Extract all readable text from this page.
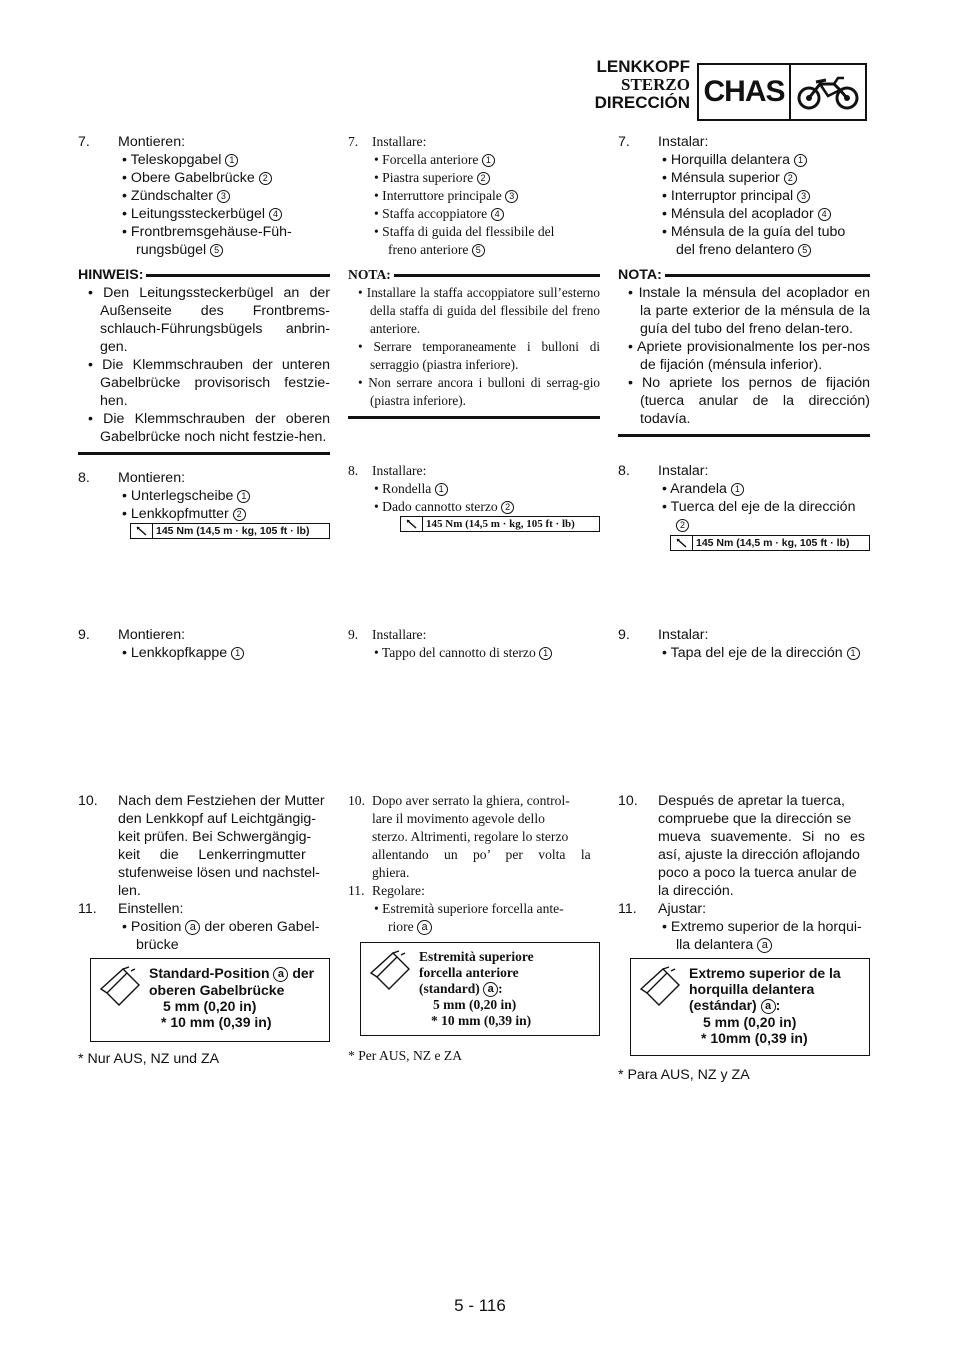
LENKKOPF
STERZO
DIRECCIÓN CHAS
7. Montieren:
• Teleskopgabel 1
• Obere Gabelbrücke 2
• Zündschalter 3
• Leitungssteckerbügel 4
• Frontbremsgehäuse-Füh-
rungsbügel 5
HINWEIS:
• Den Leitungssteckerbügel an der Außenseite des Frontbrems-schlauch-Führungsbügels anbrin-gen.
• Die Klemmschrauben der unteren Gabelbrücke provisorisch festzie-hen.
• Die Klemmschrauben der oberen Gabelbrücke noch nicht festzie-hen.
8. Montieren:
• Unterlegscheibe 1
• Lenkkopfmutter 2
145 Nm (14,5 m · kg, 105 ft · lb)
9. Montieren:
• Lenkkopfkappe 1
10. Nach dem Festziehen der Mutter
den Lenkkopf auf Leichtgängig-
keit prüfen. Bei Schwergängig-
keit     die     Lenkerringmutter
stufenweise lösen und nachstel-
len.
11. Einstellen:
• Position a der oberen Gabel-
brücke
Standard-Position a der
oberen Gabelbrücke
5 mm (0,20 in)
* 10 mm (0,39 in)
* Nur AUS, NZ und ZA
7. Installare:
• Forcella anteriore 1
• Piastra superiore 2
• Interruttore principale 3
• Staffa accoppiatore 4
• Staffa di guida del flessibile del
freno anteriore 5
NOTA:
• Installare la staffa accoppiatore sull’esterno della staffa di guida del flessibile del freno anteriore.
• Serrare temporaneamente i bulloni di serraggio (piastra inferiore).
• Non serrare ancora i bulloni di serrag-gio (piastra inferiore).
8. Installare:
• Rondella 1
• Dado cannotto sterzo 2
145 Nm (14,5 m · kg, 105 ft · lb)
9. Installare:
• Tappo del cannotto di sterzo 1
10. Dopo aver serrato la ghiera, control-
lare il movimento agevole dello
sterzo. Altrimenti, regolare lo sterzo
allentando un po’ per volta la
ghiera.
11. Regolare:
• Estremità superiore forcella ante-
riore a
Estremità superiore
forcella anteriore
(standard) a :
5 mm (0,20 in)
* 10 mm (0,39 in)
* Per AUS, NZ e ZA
7. Instalar:
• Horquilla delantera 1
• Ménsula superior 2
• Interruptor principal 3
• Ménsula del acoplador 4
• Ménsula de la guía del tubo
del freno delantero 5
NOTA:
• Instale la ménsula del acoplador en la parte exterior de la ménsula de la guía del tubo del freno delan-tero.
• Apriete provisionalmente los per-nos de fijación (ménsula inferior).
• No apriete los pernos de fijación (tuerca anular de la dirección) todavía.
8. Instalar:
• Arandela 1
• Tuerca del eje de la dirección
2
145 Nm (14,5 m · kg, 105 ft · lb)
9. Instalar:
• Tapa del eje de la dirección 1
10. Después de apretar la tuerca,
compruebe que la dirección se
mueva suavemente. Si no es
así, ajuste la dirección aflojando
poco a poco la tuerca anular de
la dirección.
11. Ajustar:
• Extremo superior de la horqui-
lla delantera a
Extremo superior de la
horquilla delantera
(estándar) a :
5 mm (0,20 in)
* 10mm (0,39 in)
* Para AUS, NZ y ZA
5 - 116
